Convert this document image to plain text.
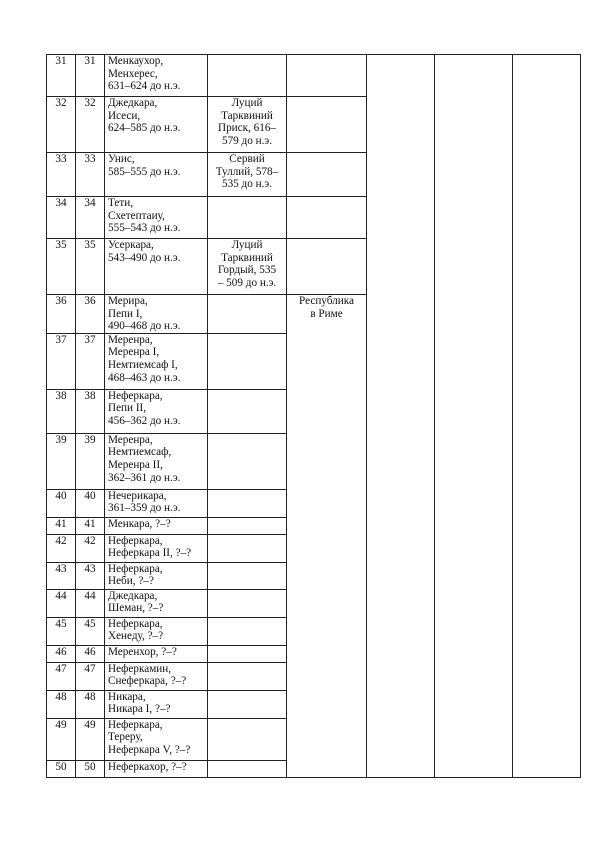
31	31	Менкаухор,
Менхерес,
631–624 до н.э.					
32	32	Джедкара,
Исеси,
624–585 до н.э.	Луций
Тарквиний
Приск, 616–
579 до н.э.				
33	33	Унис,
585–555 до н.э.	Сервий
Туллий, 578–
535 до н.э.				
34	34	Тети,
Схетептаиу,
555–543 до н.э.					
35	35	Усеркара,
543–490 до н.э.	Луций
Тарквиний
Гордый, 535
– 509 до н.э.				
36	36	Мерира,
Пепи I,
490–468 до н.э.		Республика
в Риме			
37	37	Меренра,
Меренра I,
Немтиемсаф I,
468–463 до н.э.					
38	38	Неферкара,
Пепи II,
456–362 до н.э.					
39	39	Меренра,
Немтиемсаф,
Меренра II,
362–361 до н.э.					
40	40	Нечерикара,
361–359 до н.э.					
41	41	Менкара, ?–?					
42	42	Неферкара,
Неферкара II, ?–?					
43	43	Неферкара,
Неби, ?–?					
44	44	Джедкара,
Шеман, ?–?					
45	45	Неферкара,
Хенеду, ?–?					
46	46	Меренхор, ?–?					
47	47	Неферкамин,
Снеферкара, ?–?					
48	48	Никара,
Никара I, ?–?					
49	49	Неферкара,
Тереру,
Неферкара V, ?–?					
50	50	Неферкахор, ?–?					
